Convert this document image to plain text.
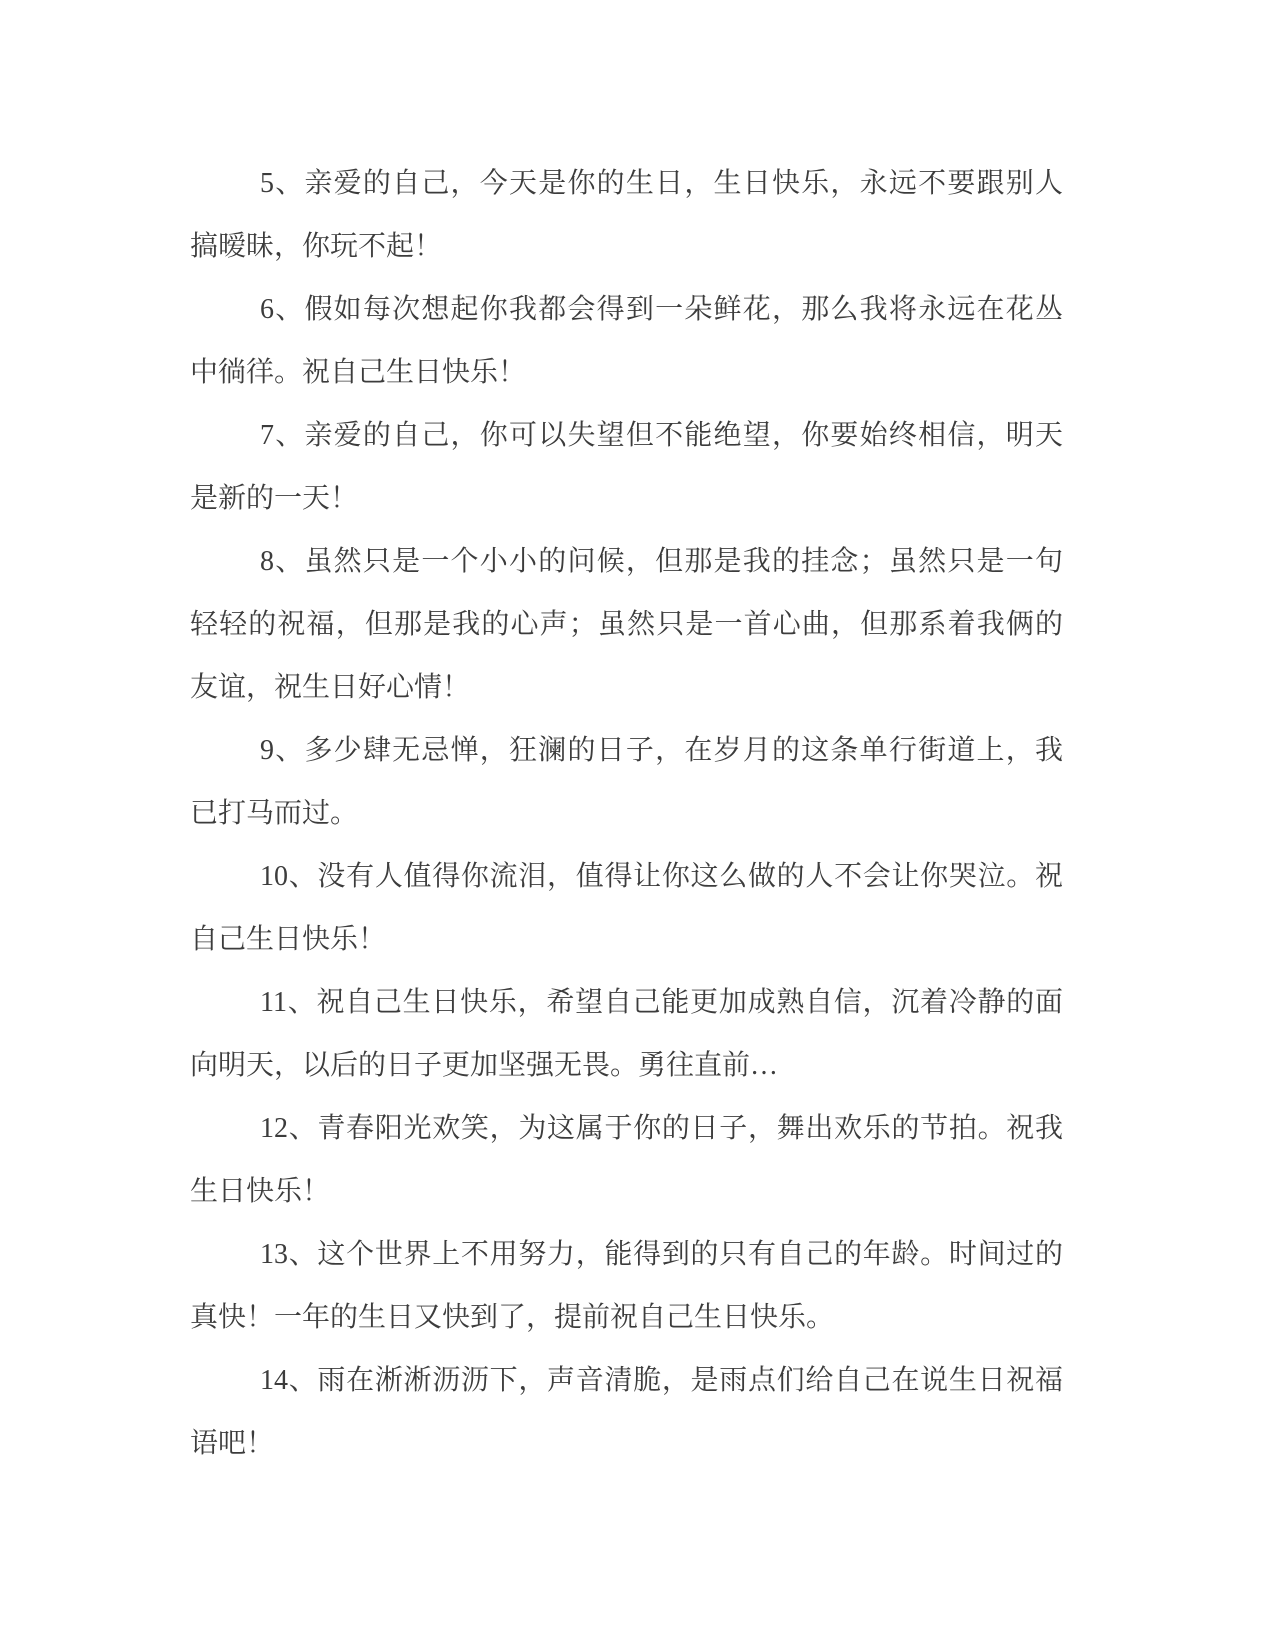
5、亲爱的自己，今天是你的生日，生日快乐，永远不要跟别人
搞暧昧，你玩不起！
6、假如每次想起你我都会得到一朵鲜花，那么我将永远在花丛
中徜徉。祝自己生日快乐！
7、亲爱的自己，你可以失望但不能绝望，你要始终相信，明天
是新的一天！
8、虽然只是一个小小的问候，但那是我的挂念；虽然只是一句
轻轻的祝福，但那是我的心声；虽然只是一首心曲，但那系着我俩的
友谊，祝生日好心情！
9、多少肆无忌惮，狂澜的日子，在岁月的这条单行街道上，我
已打马而过。
10、没有人值得你流泪，值得让你这么做的人不会让你哭泣。祝
自己生日快乐！
11、祝自己生日快乐，希望自己能更加成熟自信，沉着冷静的面
向明天，以后的日子更加坚强无畏。勇往直前…
12、青春阳光欢笑，为这属于你的日子，舞出欢乐的节拍。祝我
生日快乐！
13、这个世界上不用努力，能得到的只有自己的年龄。时间过的
真快！一年的生日又快到了，提前祝自己生日快乐。
14、雨在淅淅沥沥下，声音清脆，是雨点们给自己在说生日祝福
语吧！
